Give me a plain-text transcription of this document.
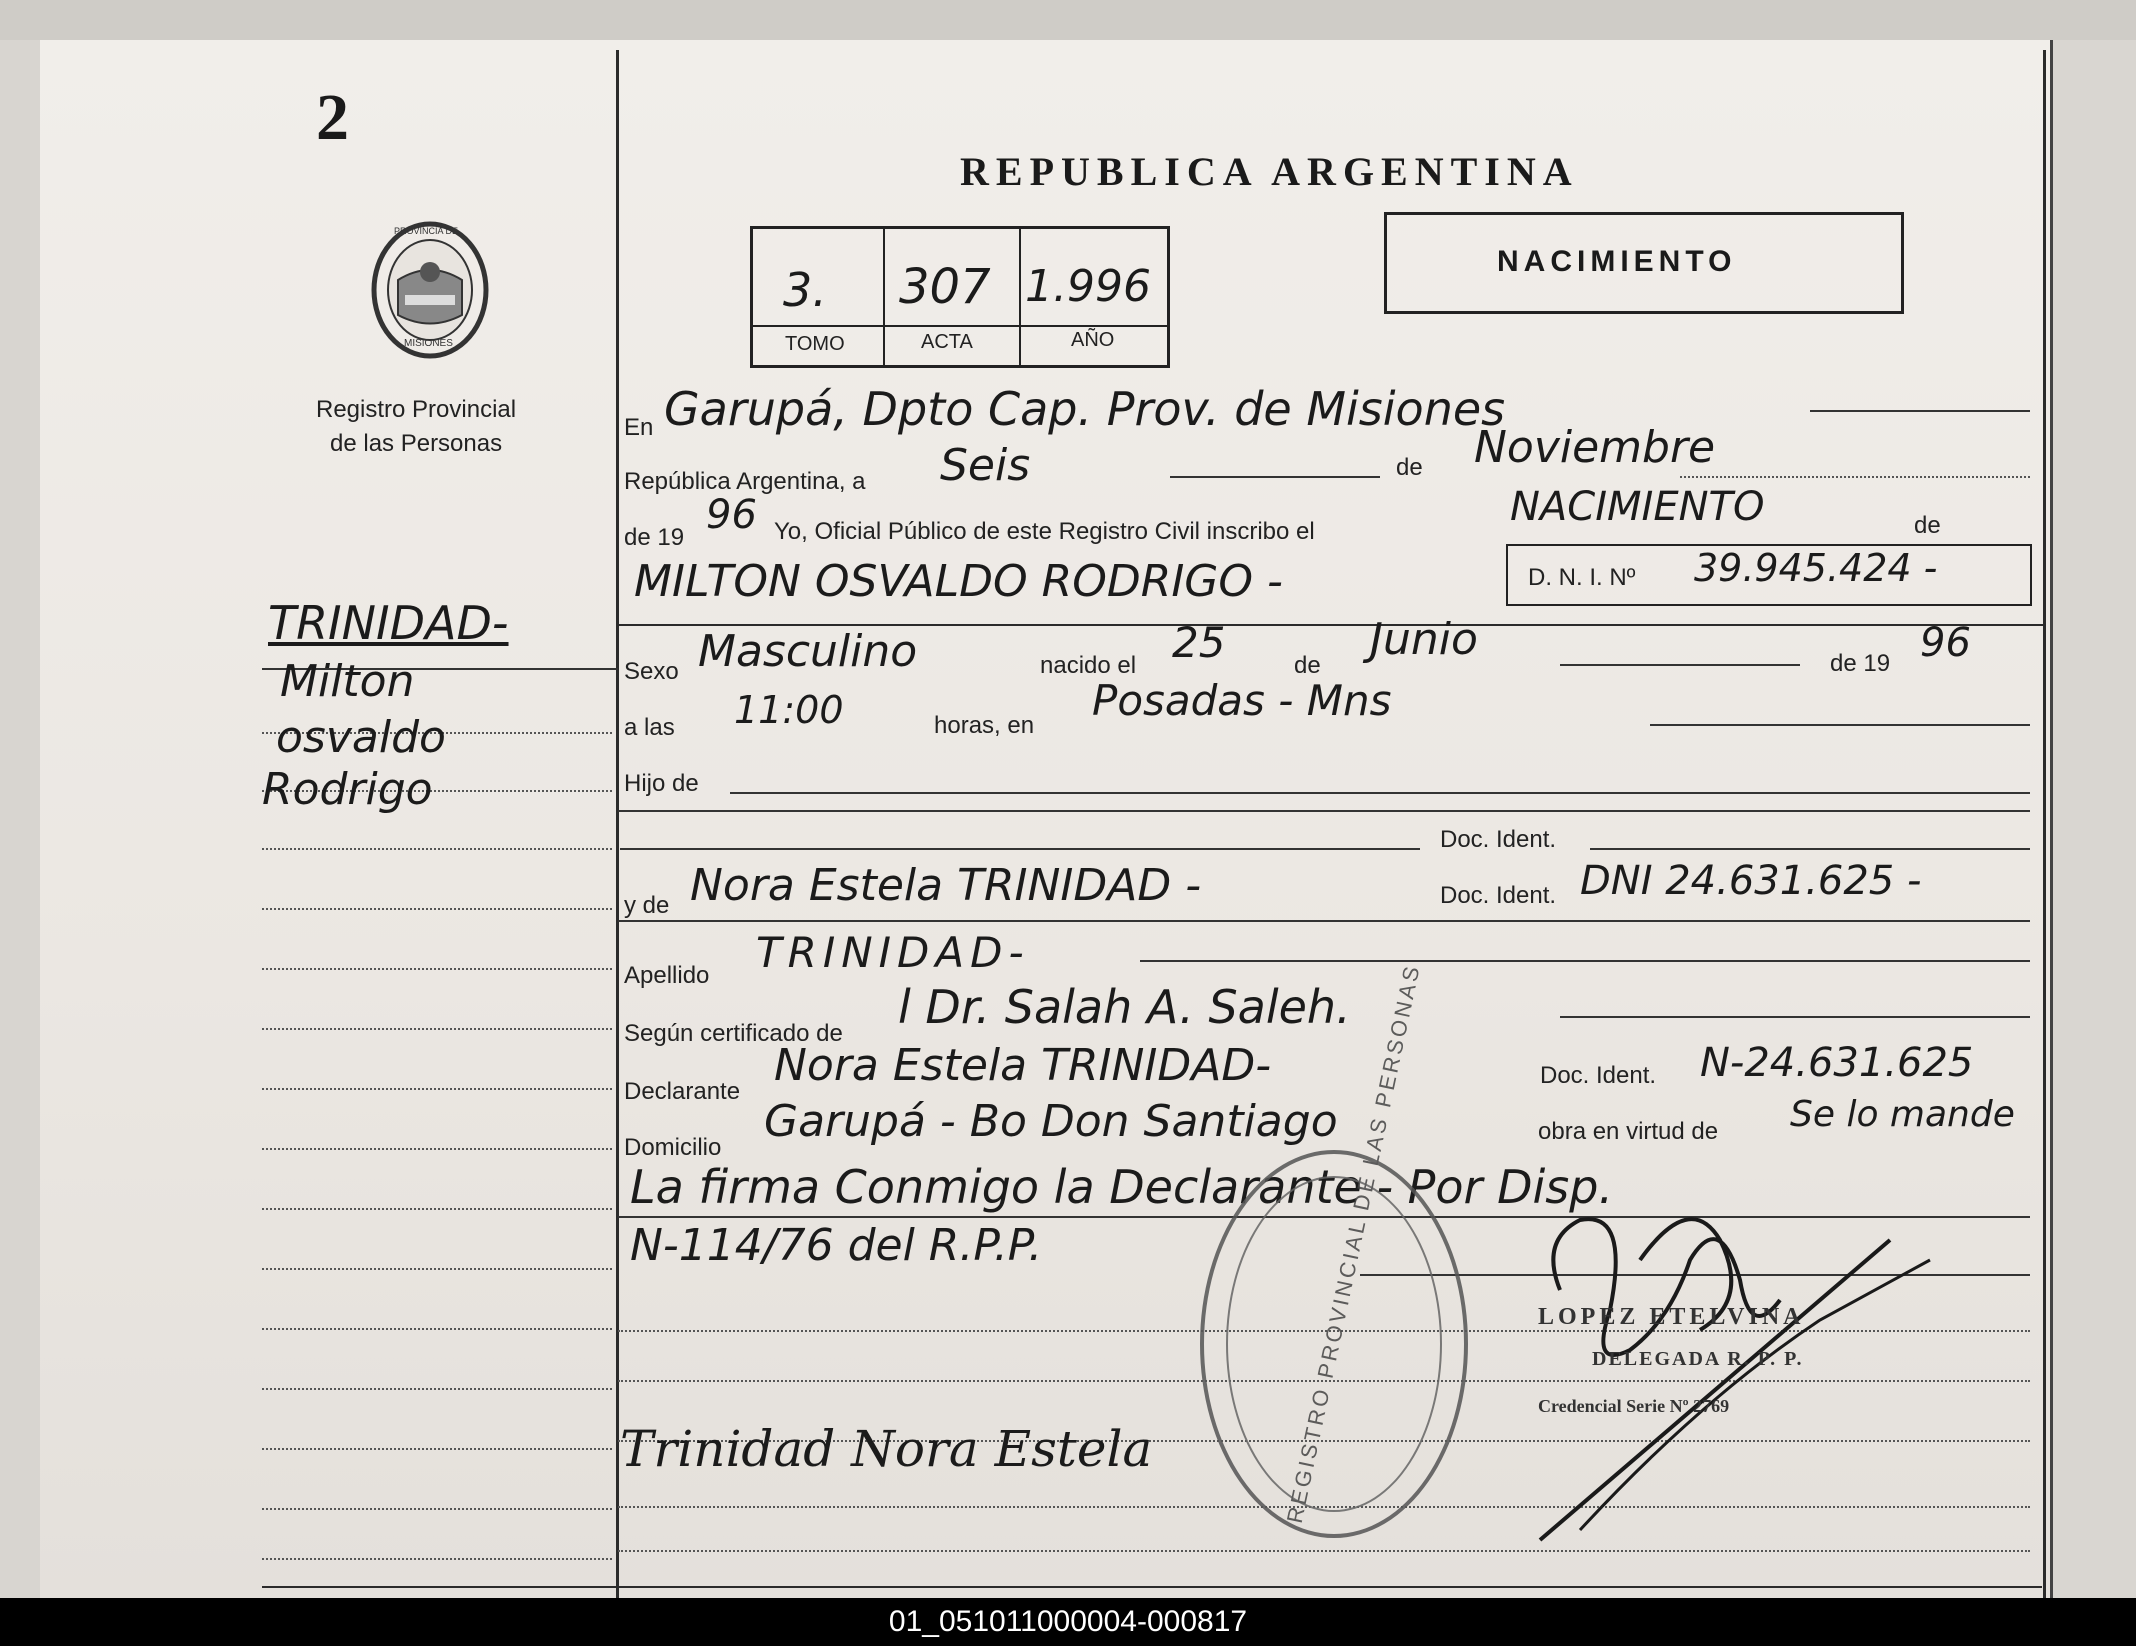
2
PROVINCIA DE
MISIONES
Registro Provincial
de las Personas
REPUBLICA ARGENTINA
NACIMIENTO
3. 307 1.996
TOMO	ACTA	AÑO
TRINIDAD-
Milton
osvaldo
Rodrigo
En Garupá, Dpto Cap. Prov. de Misiones
República Argentina, a Seis	de Noviembre
de 19 96 Yo, Oficial Público de este Registro Civil inscribo el
NACIMIENTO	de
MILTON OSVALDO RODRIGO -	D. N. I. Nº 39.945.424 -
Sexo Masculino	nacido el 25	de
Junio	de 19 96
a las 11:00	horas, en
Posadas - Mns
Hijo de
Doc. Ident.
y de Nora Estela TRINIDAD -	Doc. Ident. DNI 24.631.625 -
Apellido TRINIDAD-
Según certificado de l Dr. Salah A. Saleh.
Declarante
Nora Estela TRINIDAD-	Doc. Ident. N-24.631.625
Domicilio
Garupá - Bo Don Santiago	obra en virtud de Se lo mande
La firma Conmigo la Declarante - Por Disp.
N-114/76 del R.P.P.
Trinidad Nora Estela	REGISTRO PROVINCIAL DE LAS PERSONAS	LOPEZ ETELVINA
DELEGADA R. P. P.
Credencial Serie Nº 2769
01_051011000004-000817
